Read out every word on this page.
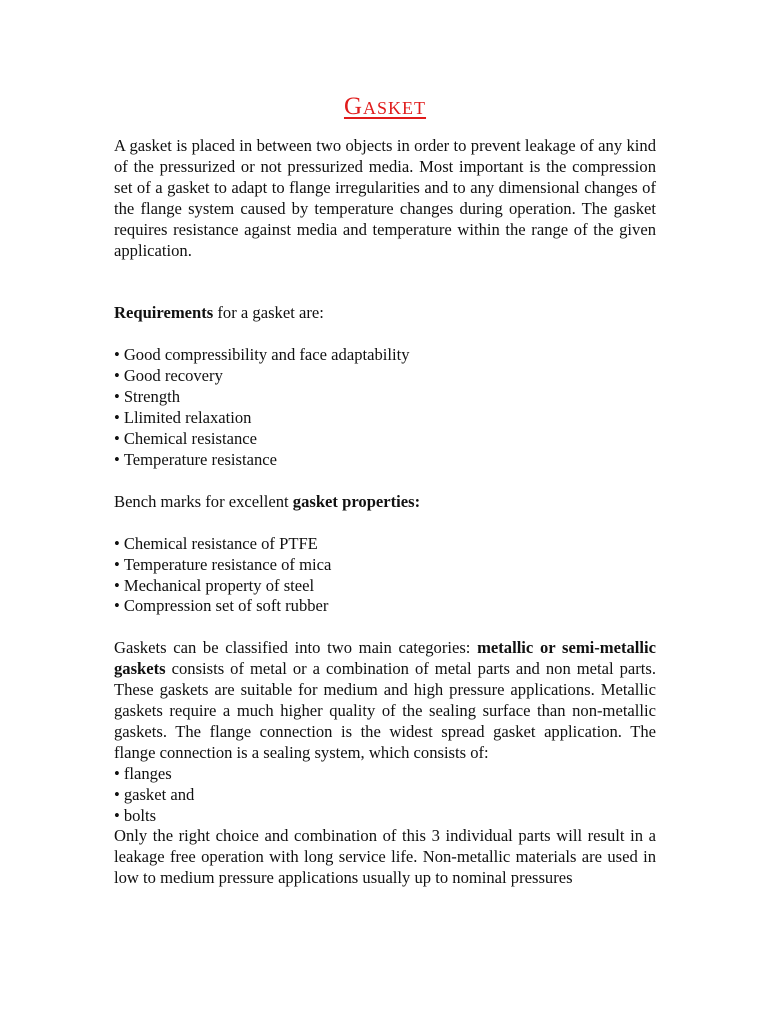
Gasket

A gasket is placed in between two objects in order to prevent leakage of any kind of the pressurized or not pressurized media. Most important is the compression set of a gasket to adapt to flange irregularities and to any dimensional changes of the flange system caused by temperature changes during operation. The gasket requires resistance against media and temperature within the range of the given application.

Requirements for a gasket are:

• Good compressibility and face adaptability
• Good recovery
• Strength
• Llimited relaxation
• Chemical resistance
• Temperature resistance

Bench marks for excellent gasket properties:

• Chemical resistance of PTFE
• Temperature resistance of mica
• Mechanical property of steel
• Compression set of soft rubber

Gaskets can be classified into two main categories: metallic or semi-metallic gaskets consists of metal or a combination of metal parts and non metal parts. These gaskets are suitable for medium and high pressure applications. Metallic gaskets require a much higher quality of the sealing surface than non-metallic gaskets. The flange connection is the widest spread gasket application. The flange connection is a sealing system, which consists of:

• flanges
• gasket and
• bolts

Only the right choice and combination of this 3 individual parts will result in a leakage free operation with long service life. Non-metallic materials are used in low to medium pressure applications usually up to nominal pressures
